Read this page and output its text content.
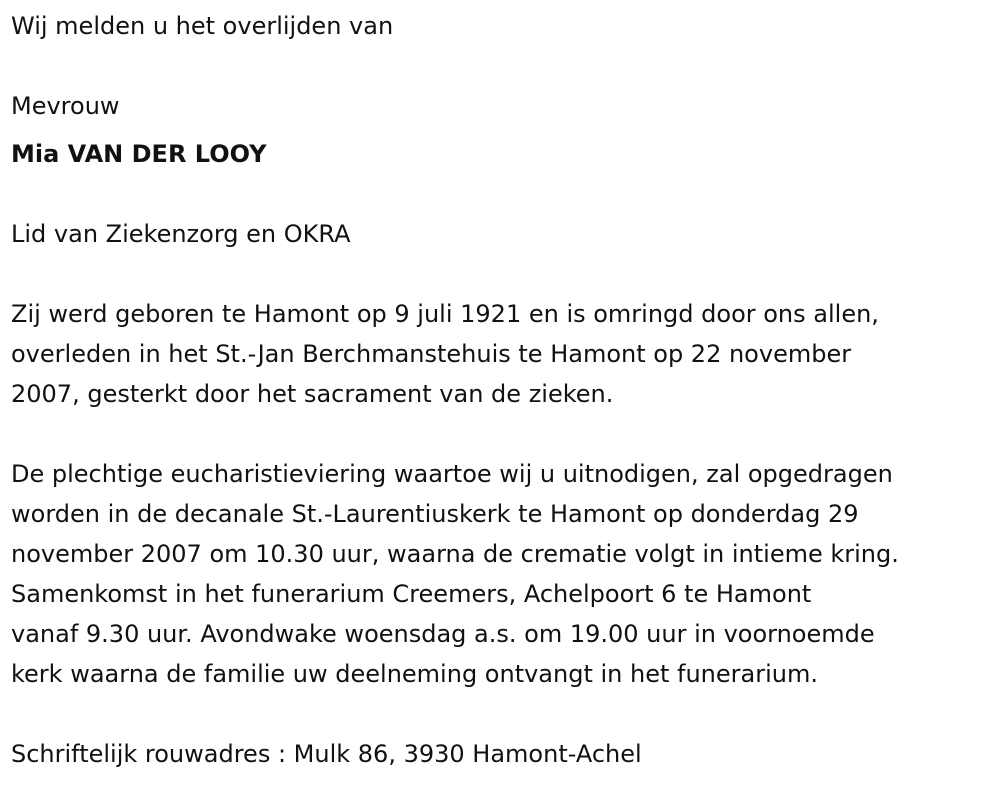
Wij melden u het overlijden van

Mevrouw

Mia VAN DER LOOY

Lid van Ziekenzorg en OKRA

Zij werd geboren te Hamont op 9 juli 1921 en is omringd door ons allen,

overleden in het St.-Jan Berchmanstehuis te Hamont op 22 november

2007, gesterkt door het sacrament van de zieken.

De plechtige eucharistieviering waartoe wij u uitnodigen, zal opgedragen

worden in de decanale St.-Laurentiuskerk te Hamont op donderdag 29

november 2007 om 10.30 uur, waarna de crematie volgt in intieme kring.

Samenkomst in het funerarium Creemers, Achelpoort 6 te Hamont

vanaf 9.30 uur. Avondwake woensdag a.s. om 19.00 uur in voornoemde

kerk waarna de familie uw deelneming ontvangt in het funerarium.

Schriftelijk rouwadres : Mulk 86, 3930 Hamont-Achel
